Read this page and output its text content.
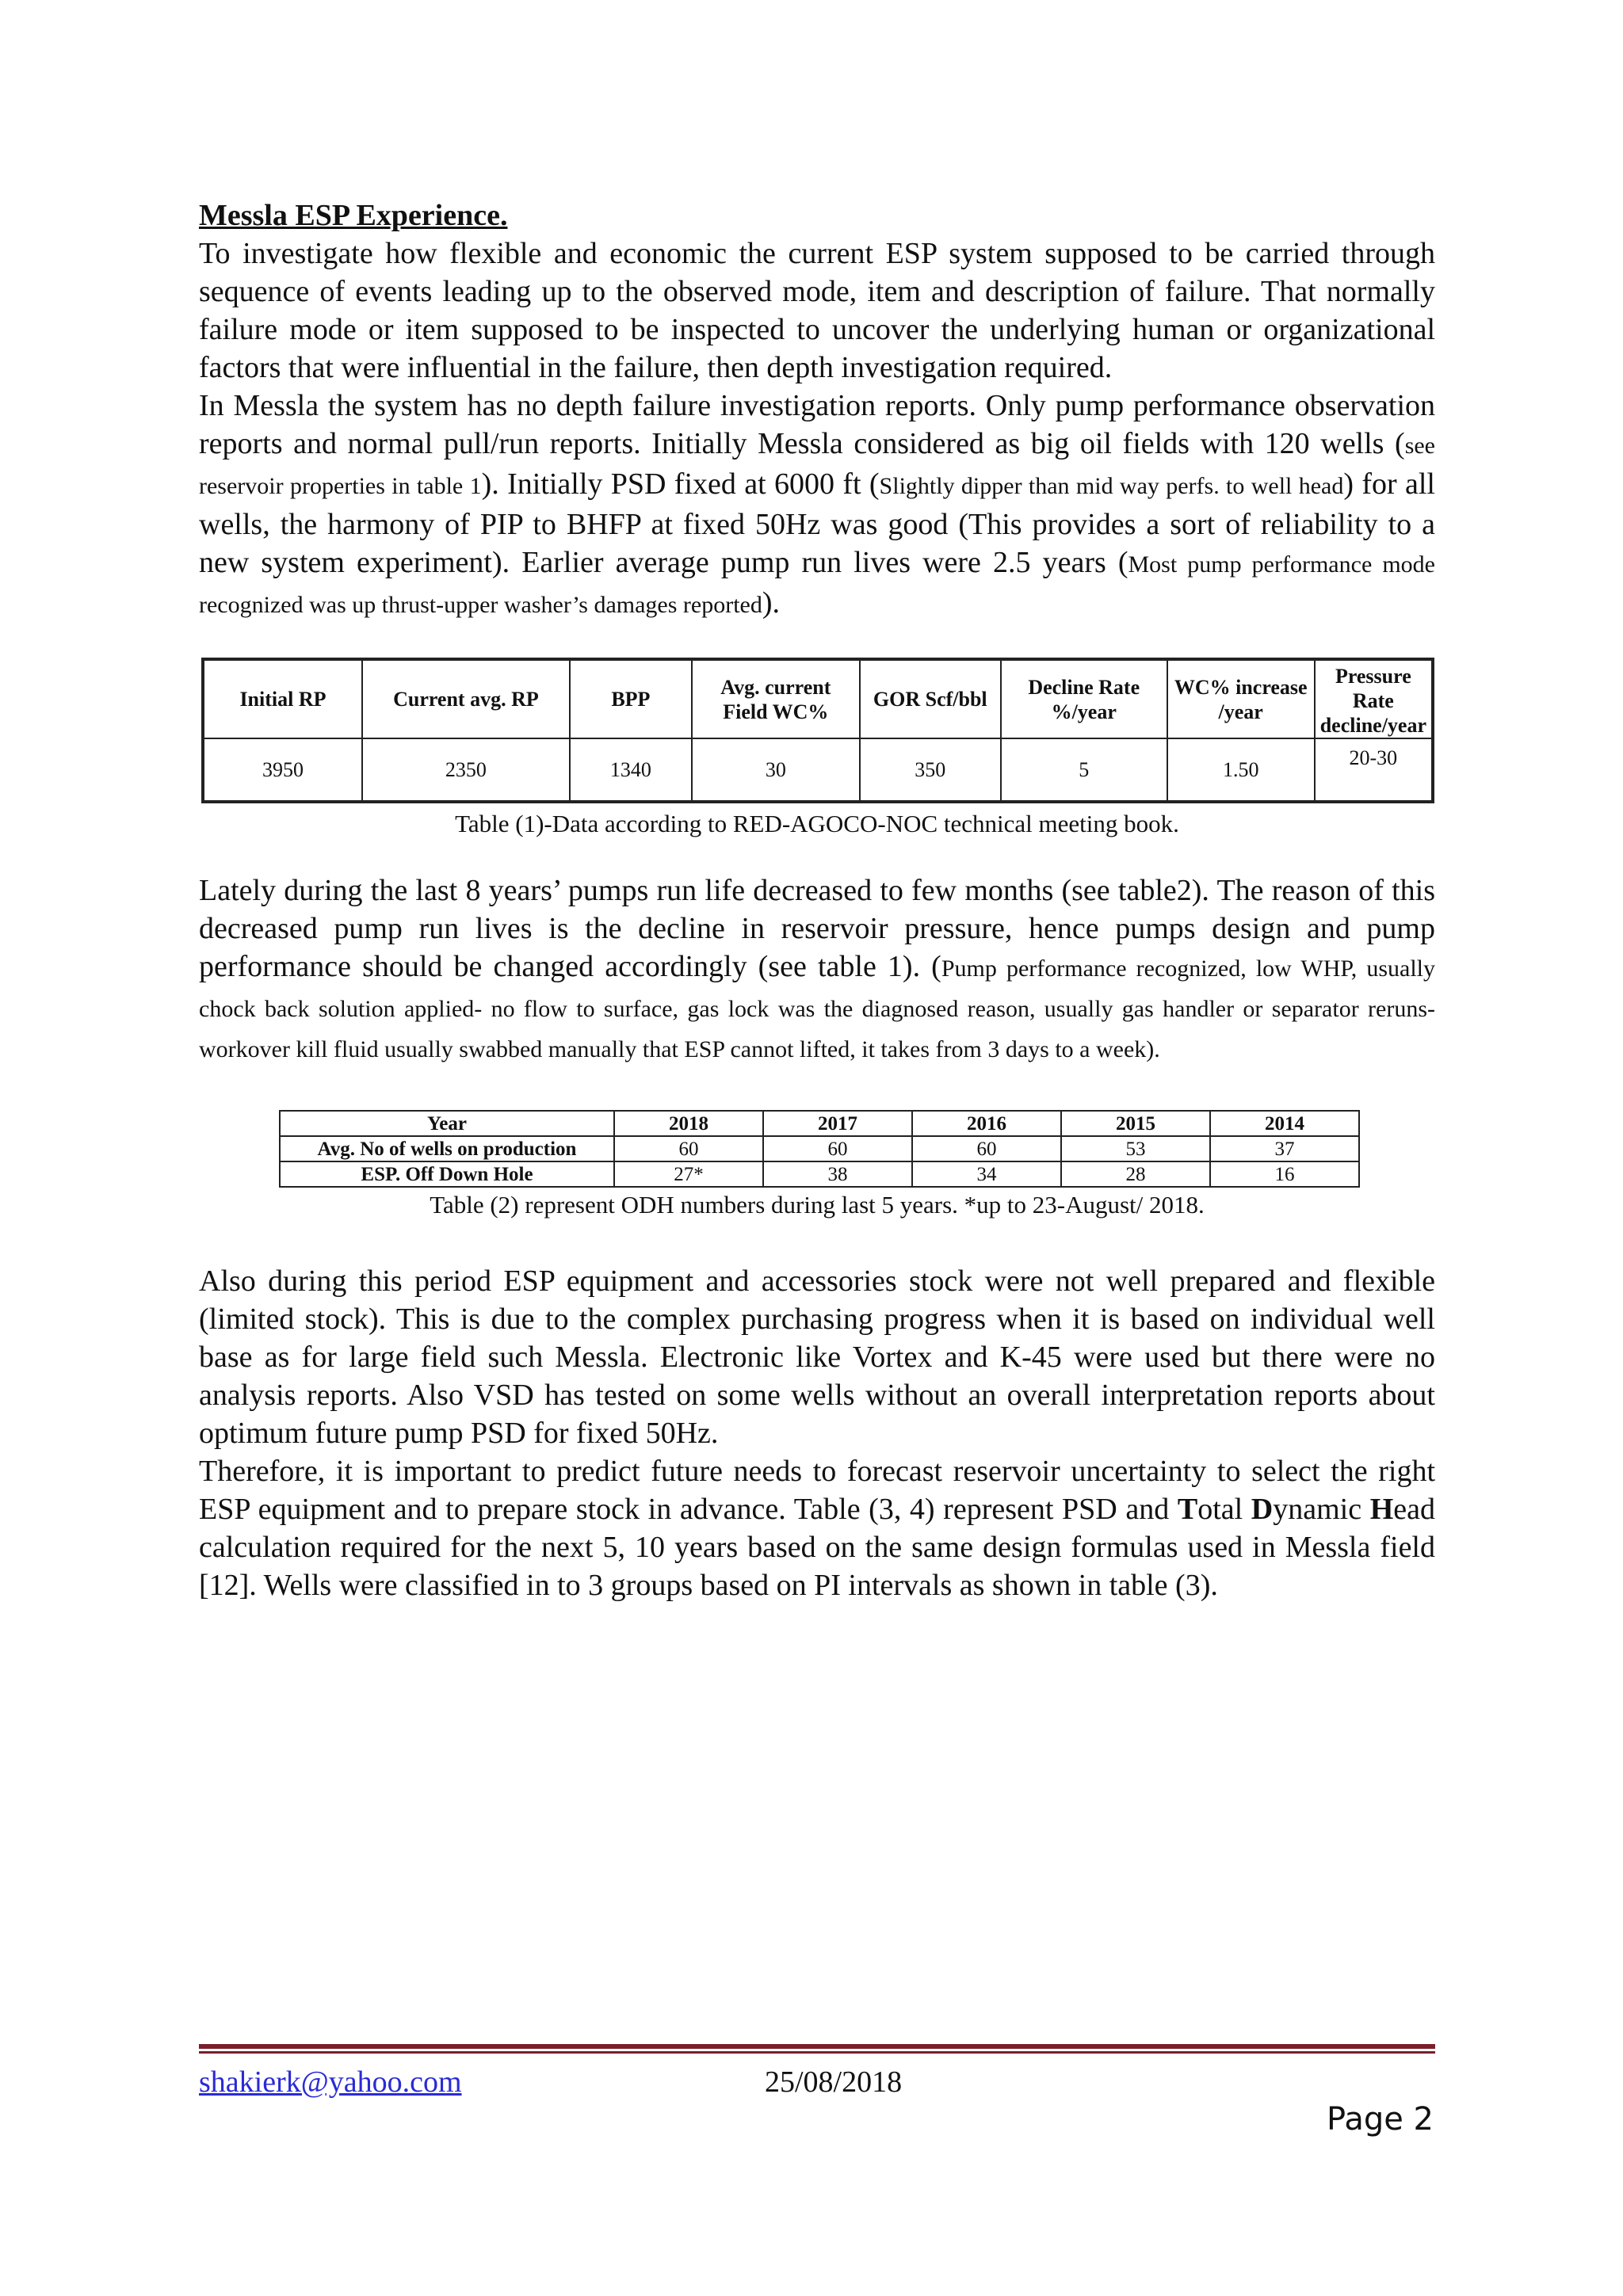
Messla ESP Experience.

To investigate how flexible and economic the current ESP system supposed to be carried through sequence of events leading up to the observed mode, item and description of failure. That normally failure mode or item supposed to be inspected to uncover the underlying human or organizational factors that were influential in the failure, then depth investigation required.

In Messla the system has no depth failure investigation reports. Only pump performance observation reports and normal pull/run reports. Initially Messla considered as big oil fields with 120 wells (see reservoir properties in table 1). Initially PSD fixed at 6000 ft (Slightly dipper than mid way perfs. to well head) for all wells, the harmony of PIP to BHFP at fixed 50Hz was good (This provides a sort of reliability to a new system experiment). Earlier average pump run lives were 2.5 years (Most pump performance mode recognized was up thrust-upper washer’s damages reported).

Initial RP	Current avg. RP	BPP	Avg. current Field WC%	GOR Scf/bbl	Decline Rate %/year	WC% increase /year	Pressure Rate decline/year
3950	2350	1340	30	350	5	1.50	20-30

Table (1)-Data according to RED-AGOCO-NOC technical meeting book.

Lately during the last 8 years’ pumps run life decreased to few months (see table2). The reason of this decreased pump run lives is the decline in reservoir pressure, hence pumps design and pump performance should be changed accordingly (see table 1). (Pump performance recognized, low WHP, usually chock back solution applied- no flow to surface, gas lock was the diagnosed reason, usually gas handler or separator reruns- workover kill fluid usually swabbed manually that ESP cannot lifted, it takes from 3 days to a week).

Year	2018	2017	2016	2015	2014
Avg. No of wells on production	60	60	60	53	37
ESP. Off Down Hole	27*	38	34	28	16

Table (2) represent ODH numbers during last 5 years. *up to 23-August/ 2018.

Also during this period ESP equipment and accessories stock were not well prepared and flexible (limited stock). This is due to the complex purchasing progress when it is based on individual well base as for large field such Messla. Electronic like Vortex and K-45 were used but there were no analysis reports. Also VSD has tested on some wells without an overall interpretation reports about optimum future pump PSD for fixed 50Hz.

Therefore, it is important to predict future needs to forecast reservoir uncertainty to select the right ESP equipment and to prepare stock in advance. Table (3, 4) represent PSD and Total Dynamic Head calculation required for the next 5, 10 years based on the same design formulas used in Messla field [12]. Wells were classified in to 3 groups based on PI intervals as shown in table (3).

shakierk@yahoo.com	25/08/2018
Page 2
